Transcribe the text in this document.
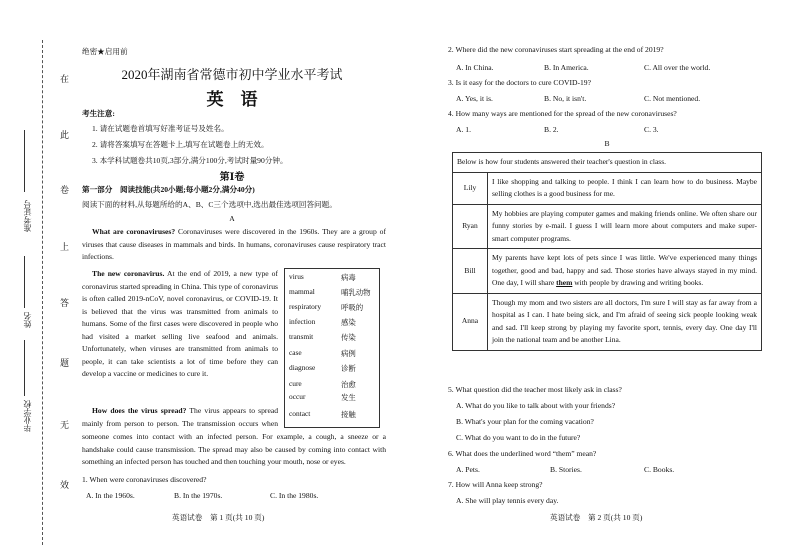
在
此
卷
上
答
题
无
效
准考证号
姓名
毕业学校
绝密★启用前
2020年湖南省常德市初中学业水平考试
英　语
考生注意:
1. 请在试题卷首填写好准考证号及姓名。
2. 请将答案填写在答题卡上,填写在试题卷上的无效。
3. 本学科试题卷共10页,3部分,满分100分,考试时量90分钟。
第Ⅰ卷
第一部分　阅读技能(共20小题;每小题2分,满分40分)
阅读下面的材料,从每题所给的A、B、C三个选项中,选出最佳选项回答问题。
A
What are coronaviruses? Coronaviruses were discovered in the 1960s. They are a group of viruses that cause diseases in mammals and birds. In humans, coronaviruses cause respiratory tract infections.
The new coronavirus. At the end of 2019, a new type of coronavirus started spreading in China. This type of coronavirus is often called 2019-nCoV, novel coronavirus, or COVID-19. It is believed that the virus was transmitted from animals to humans. Some of the first cases were discovered in people who had visited a market selling live seafood and animals. Unfortunately, when viruses are transmitted from animals to people, it can take scientists a lot of time before they can develop a vaccine or medicines to cure it.
How does the virus spread? The virus appears to spread mainly from person to person. The transmission occurs when
someone comes into contact with an infected person. For example, a cough, a sneeze or a handshake could cause transmission. The spread may also be caused by coming into contact with something an infected person has touched and then touching your mouth, nose or eyes.
virus	病毒
mammal	哺乳动物
respiratory	呼吸的
infection	感染
transmit	传染
case	病例
diagnose	诊断
cure	治愈
occur	发生
contact	接触
1. When were coronaviruses discovered?
A. In the 1960s.	B. In the 1970s.	C. In the 1980s.
英语试卷　第 1 页(共 10 页)
2. Where did the new coronaviruses start spreading at the end of 2019?
A. In China.	B. In America.	C. All over the world.
3. Is it easy for the doctors to cure COVID-19?
A. Yes, it is.	B. No, it isn't.	C. Not mentioned.
4. How many ways are mentioned for the spread of the new coronaviruses?
A. 1.	B. 2.	C. 3.
B
Below is how four students answered their teacher's question in class.	
Lily	I like shopping and talking to people. I think I can learn how to do business. Maybe selling clothes is a good business for me.
Ryan	My hobbies are playing computer games and making friends online. We often share our funny stories by e-mail. I guess I will learn more about computers and make super-smart computer programs.
Bill	My parents have kept lots of pets since I was little. We've experienced many things together, good and bad, happy and sad. Those stories have always stayed in my mind. One day, I will share them with people by drawing and writing books.
Anna	Though my mom and two sisters are all doctors, I'm sure I will stay as far away from a hospital as I can. I hate being sick, and I'm afraid of seeing sick people looking weak and sad. I'll keep strong by playing my favorite sport, tennis, every day. One day I'll join the national team and be another Lina.
5. What question did the teacher most likely ask in class?
A. What do you like to talk about with your friends?
B. What's your plan for the coming vacation?
C. What do you want to do in the future?
6. What does the underlined word “them” mean?
A. Pets.	B. Stories.	C. Books.
7. How will Anna keep strong?
A. She will play tennis every day.
英语试卷　第 2 页(共 10 页)
